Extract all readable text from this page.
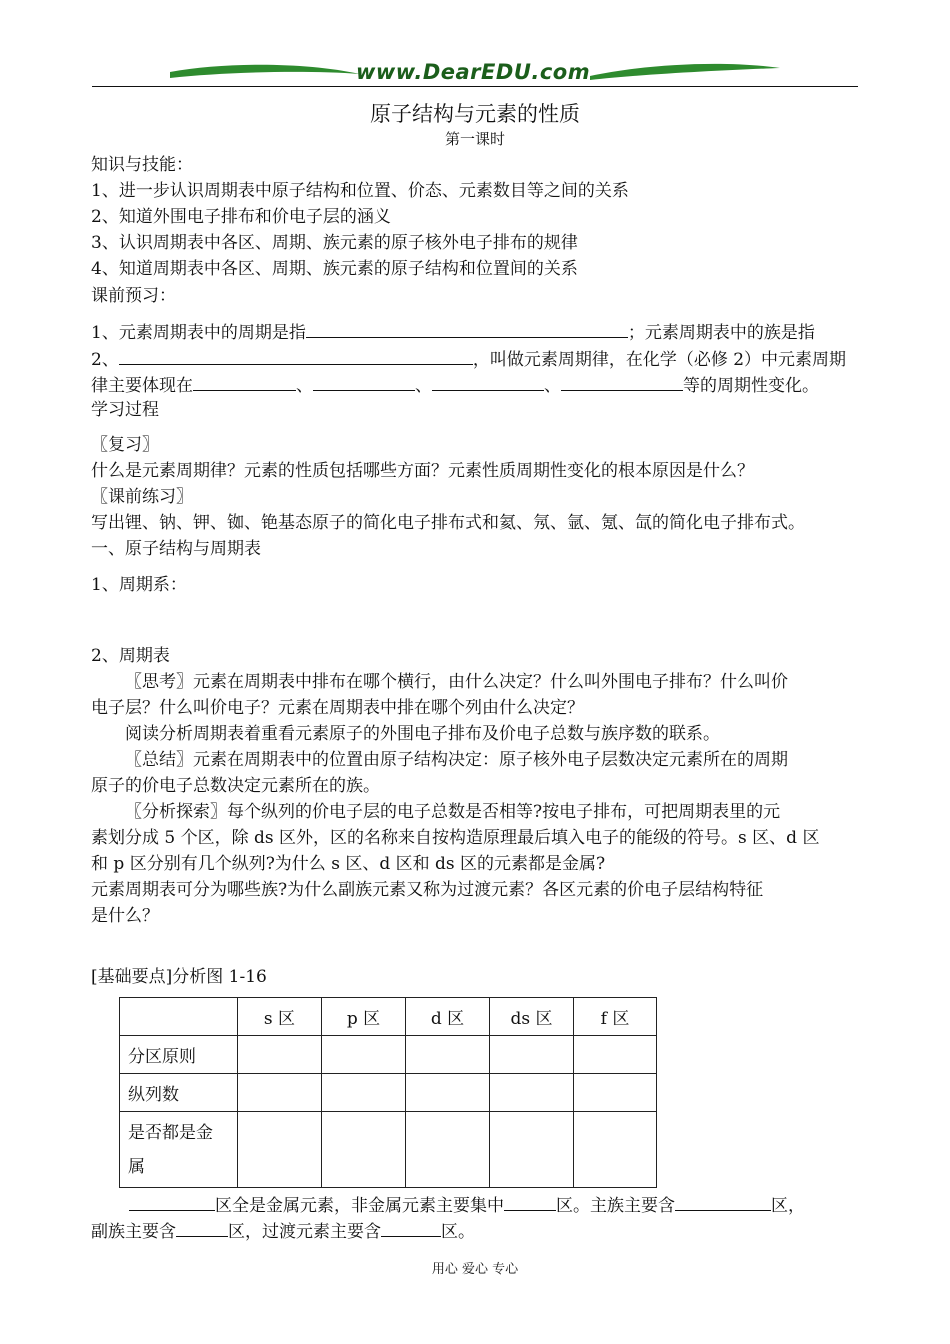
www.DearEDU.com
原子结构与元素的性质
第一课时
知识与技能：
1、进一步认识周期表中原子结构和位置、价态、元素数目等之间的关系
2、知道外围电子排布和价电子层的涵义
3、认识周期表中各区、周期、族元素的原子核外电子排布的规律
4、知道周期表中各区、周期、族元素的原子结构和位置间的关系
课前预习：
1、元素周期表中的周期是指	；元素周期表中的族是指
2、	，叫做元素周期律，在化学（必修 2）中元素周期
律主要体现在	、	、	、	等的周期性变化。
学习过程
〖复习〗
什么是元素周期律？元素的性质包括哪些方面？元素性质周期性变化的根本原因是什么？
〖课前练习〗
写出锂、钠、钾、铷、铯基态原子的简化电子排布式和氦、氖、氩、氪、氙的简化电子排布式。
一、原子结构与周期表
1、周期系：
2、周期表
〖思考〗元素在周期表中排布在哪个横行，由什么决定？什么叫外围电子排布？什么叫价
电子层？什么叫价电子？元素在周期表中排在哪个列由什么决定？
阅读分析周期表着重看元素原子的外围电子排布及价电子总数与族序数的联系。
〖总结〗元素在周期表中的位置由原子结构决定：原子核外电子层数决定元素所在的周期
原子的价电子总数决定元素所在的族。
〖分析探索〗每个纵列的价电子层的电子总数是否相等?按电子排布，可把周期表里的元
素划分成 5 个区，除 ds 区外，区的名称来自按构造原理最后填入电子的能级的符号。s 区、d 区
和 p 区分别有几个纵列?为什么 s 区、d 区和 ds 区的元素都是金属?
元素周期表可分为哪些族?为什么副族元素又称为过渡元素？各区元素的价电子层结构特征
是什么？
[基础要点]分析图 1-16
	s 区	p 区	d 区	ds 区	f 区
分区原则					
纵列数					

是否都是金
属					

区全是金属元素，非金属元素主要集中	区。主族主要含	区，
副族主要含	区，过渡元素主要含	区。
用心 爱心 专心
